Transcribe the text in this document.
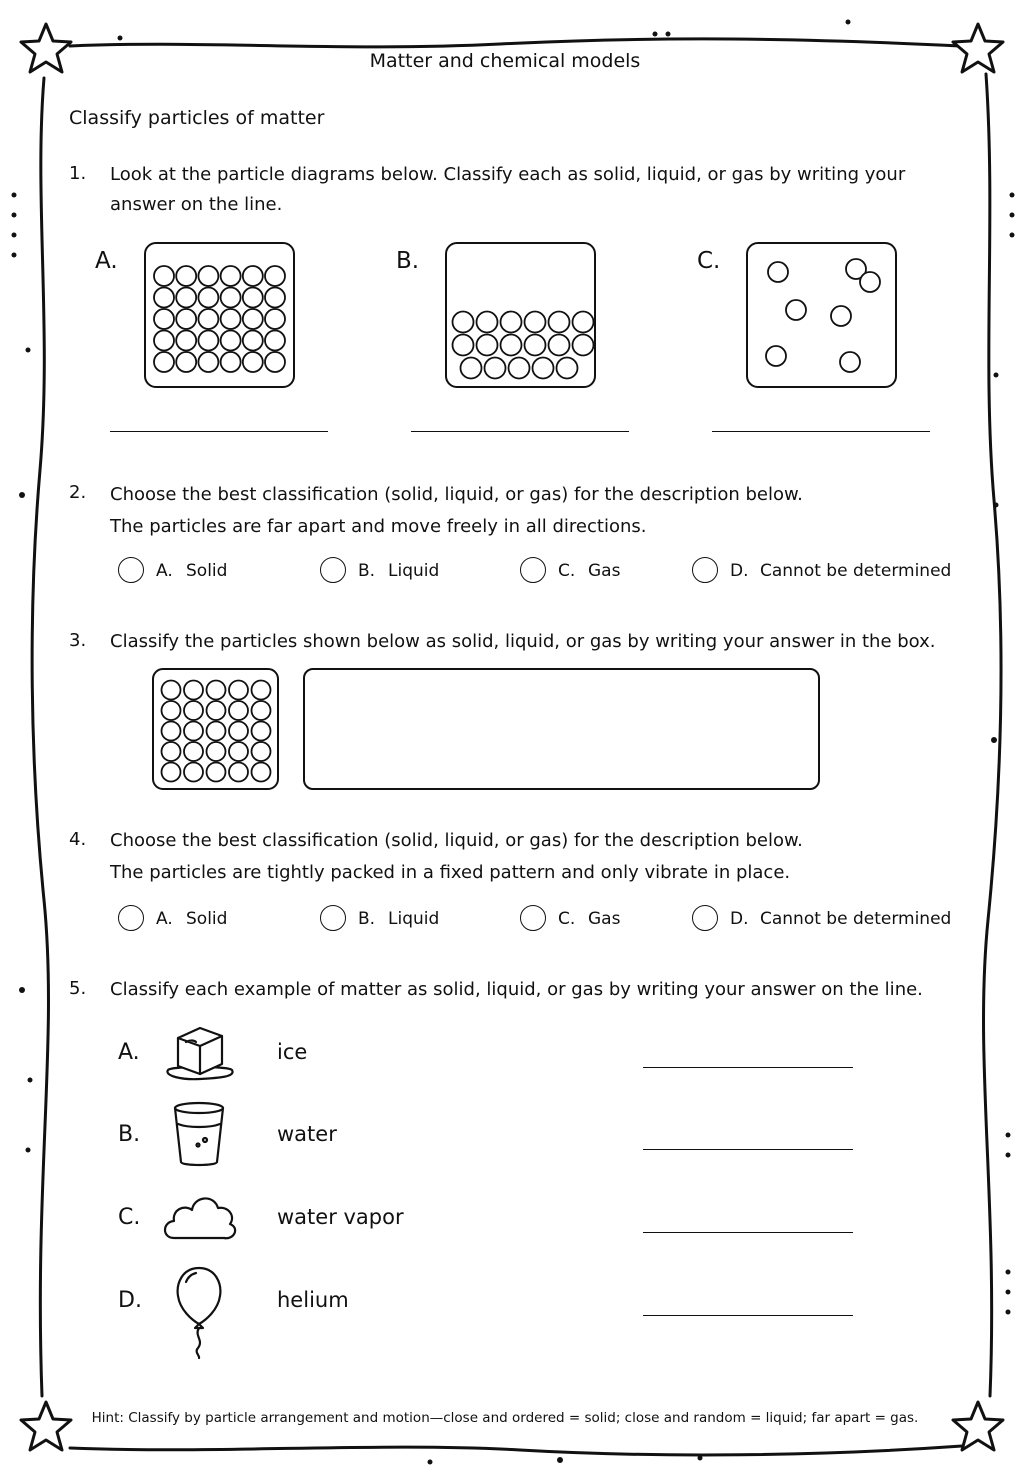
Matter and chemical models
Classify particles of matter
1. Look at the particle diagrams below. Classify each as solid, liquid, or gas by writing your
answer on the line.
A.	B.	C.
2. Choose the best classification (solid, liquid, or gas) for the description below.
The particles are far apart and move freely in all directions.
A. Solid	B. Liquid	C. Gas	D. Cannot be determined
3. Classify the particles shown below as solid, liquid, or gas by writing your answer in the box.
4. Choose the best classification (solid, liquid, or gas) for the description below.
The particles are tightly packed in a fixed pattern and only vibrate in place.
A. Solid	B. Liquid	C. Gas	D. Cannot be determined
5. Classify each example of matter as solid, liquid, or gas by writing your answer on the line.
A.	ice
B.	water
C.	water vapor
D.	helium
Hint: Classify by particle arrangement and motion—close and ordered = solid; close and random = liquid; far apart = gas.
